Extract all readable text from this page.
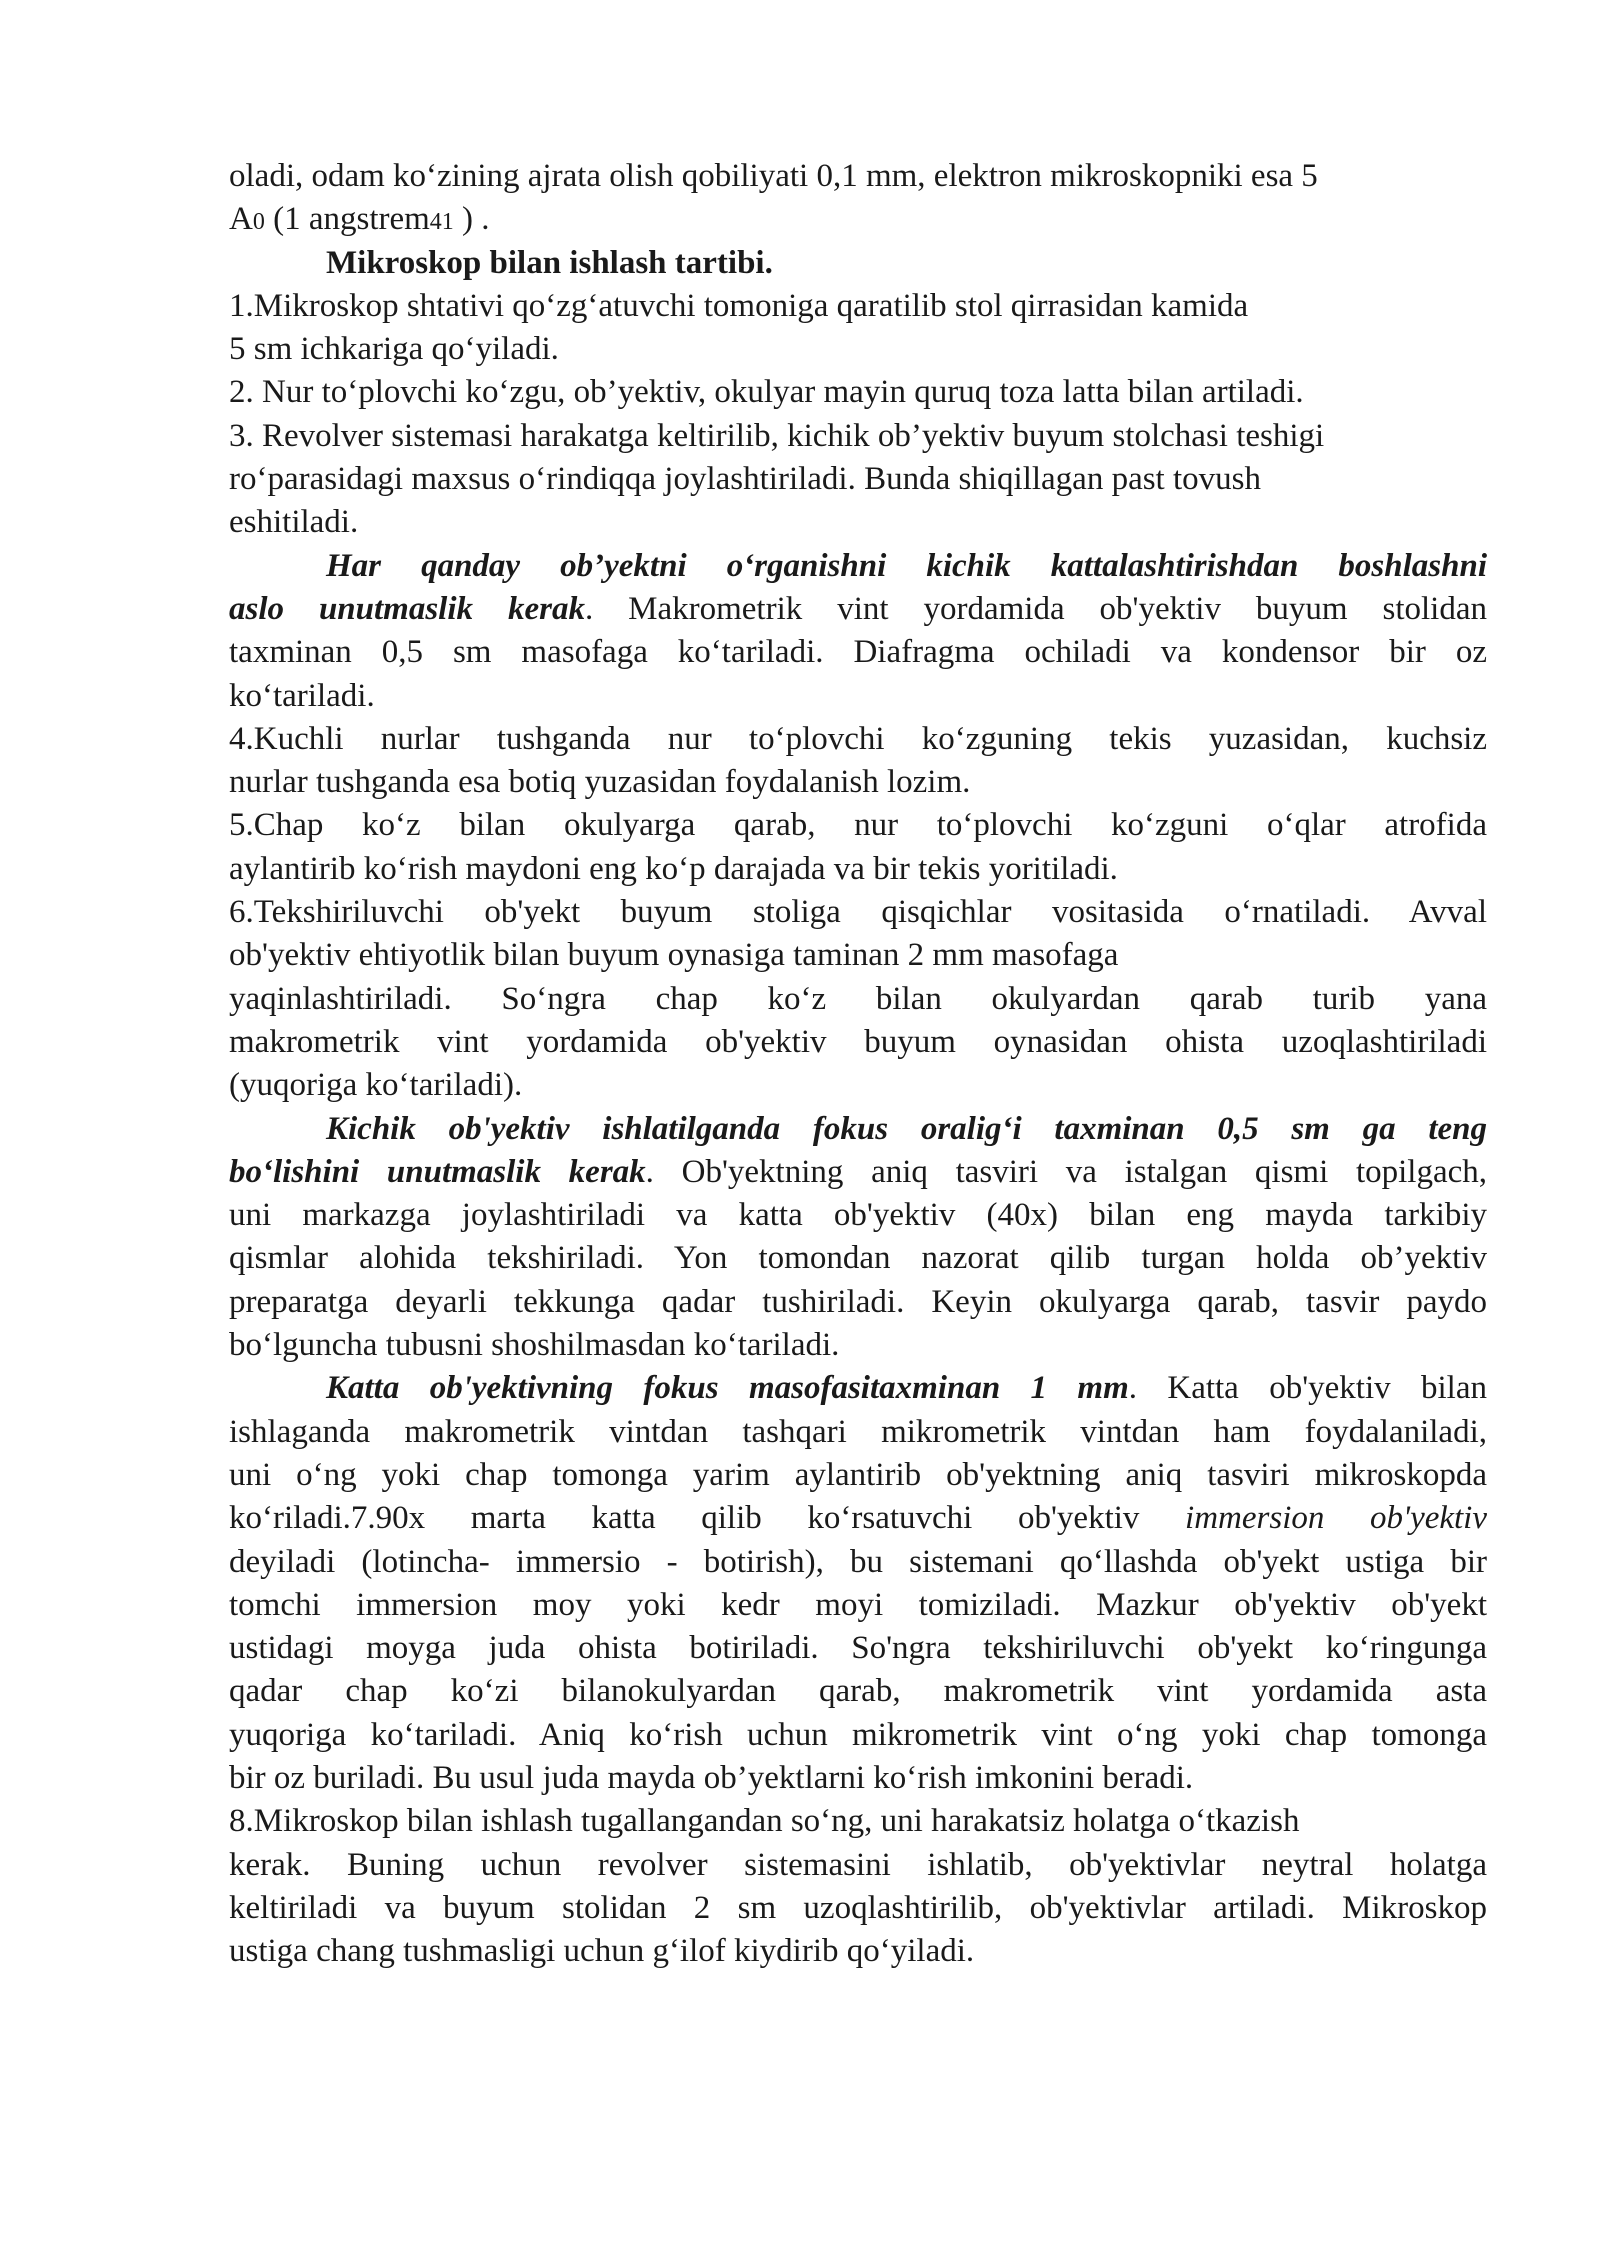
oladi, odam ko‘zining ajrata olish qobiliyati 0,1 mm, elektron mikroskopniki esa 5
A0 (1 angstrem41 ) .
Mikroskop bilan ishlash tartibi.
1.Mikroskop shtativi qo‘zg‘atuvchi tomoniga qaratilib stol qirrasidan kamida
5 sm ichkariga qo‘yiladi.
2. Nur to‘plovchi ko‘zgu, ob’yektiv, okulyar mayin quruq toza latta bilan artiladi.
3. Revolver sistemasi harakatga keltirilib, kichik ob’yektiv buyum stolchasi teshigi
ro‘parasidagi maxsus o‘rindiqqa joylashtiriladi. Bunda shiqillagan past tovush
eshitiladi.
Har qanday ob’yektni o‘rganishni kichik kattalashtirishdan boshlashni
aslo unutmaslik kerak. Makrometrik vint yordamida ob'yektiv buyum stolidan
taxminan 0,5 sm masofaga ko‘tariladi. Diafragma ochiladi va kondensor bir oz
ko‘tariladi.
4.Kuchli nurlar tushganda nur to‘plovchi ko‘zguning tekis yuzasidan, kuchsiz
nurlar tushganda esa botiq yuzasidan foydalanish lozim.
5.Chap ko‘z bilan okulyarga qarab, nur to‘plovchi ko‘zguni o‘qlar atrofida
aylantirib ko‘rish maydoni eng ko‘p darajada va bir tekis yoritiladi.
6.Tekshiriluvchi ob'yekt buyum stoliga qisqichlar vositasida o‘rnatiladi. Avval
ob'yektiv ehtiyotlik bilan buyum oynasiga taminan 2 mm masofaga
yaqinlashtiriladi. So‘ngra chap ko‘z bilan okulyardan qarab turib yana
makrometrik vint yordamida ob'yektiv buyum oynasidan ohista uzoqlashtiriladi
(yuqoriga ko‘tariladi).
Kichik ob'yektiv ishlatilganda fokus oralig‘i taxminan 0,5 sm ga teng
bo‘lishini unutmaslik kerak. Ob'yektning aniq tasviri va istalgan qismi topilgach,
uni markazga joylashtiriladi va katta ob'yektiv (40x) bilan eng mayda tarkibiy
qismlar alohida tekshiriladi. Yon tomondan nazorat qilib turgan holda ob’yektiv
preparatga deyarli tekkunga qadar tushiriladi. Keyin okulyarga qarab, tasvir paydo
bo‘lguncha tubusni shoshilmasdan ko‘tariladi.
Katta ob'yektivning fokus masofasitaxminan 1 mm. Katta ob'yektiv bilan
ishlaganda makrometrik vintdan tashqari mikrometrik vintdan ham foydalaniladi,
uni o‘ng yoki chap tomonga yarim aylantirib ob'yektning aniq tasviri mikroskopda
ko‘riladi.7.90x marta katta qilib ko‘rsatuvchi ob'yektiv immersion ob'yektiv
deyiladi (lotincha- immersio - botirish), bu sistemani qo‘llashda ob'yekt ustiga bir
tomchi immersion moy yoki kedr moyi tomiziladi. Mazkur ob'yektiv ob'yekt
ustidagi moyga juda ohista botiriladi. So'ngra tekshiriluvchi ob'yekt ko‘ringunga
qadar chap ko‘zi bilanokulyardan qarab, makrometrik vint yordamida asta
yuqoriga ko‘tariladi. Aniq ko‘rish uchun mikrometrik vint o‘ng yoki chap tomonga
bir oz buriladi. Bu usul juda mayda ob’yektlarni ko‘rish imkonini beradi.
8.Mikroskop bilan ishlash tugallangandan so‘ng, uni harakatsiz holatga o‘tkazish
kerak. Buning uchun revolver sistemasini ishlatib, ob'yektivlar neytral holatga
keltiriladi va buyum stolidan 2 sm uzoqlashtirilib, ob'yektivlar artiladi. Mikroskop
ustiga chang tushmasligi uchun g‘ilof kiydirib qo‘yiladi.
